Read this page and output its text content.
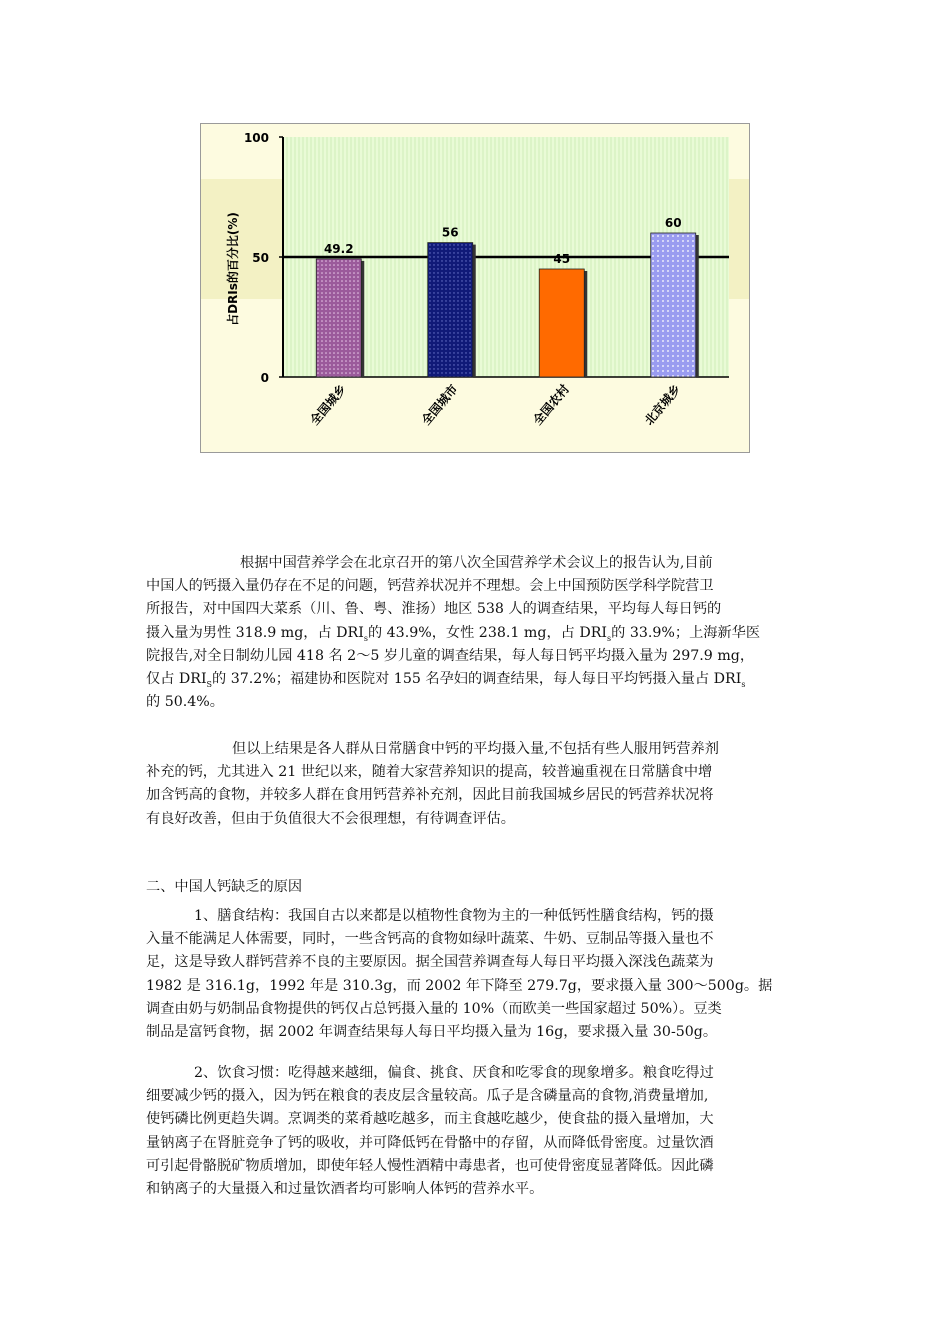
0
50
100
49.2
全国城乡
56
全国城市
45
全国农村
60
北京城乡
占DRIs的百分比(%)
根据中国营养学会在北京召开的第八次全国营养学术会议上的报告认为,目前
中国人的钙摄入量仍存在不足的问题，钙营养状况并不理想。会上中国预防医学科学院营卫
所报告，对中国四大菜系（川、鲁、粤、淮扬）地区 538 人的调查结果，平均每人每日钙的
摄入量为男性 318.9 mg，占 $DRI_s$的 43.9%，女性 238.1 mg，占 $DRI_s$的 33.9%；上海新华医
院报告,对全日制幼儿园 418 名 2～5 岁儿童的调查结果，每人每日钙平均摄入量为 297.9 mg，
仅占 $DRI_S$的 37.2%；福建协和医院对 155 名孕妇的调查结果，每人每日平均钙摄入量占 $DRI_s$
的 50.4%。
但以上结果是各人群从日常膳食中钙的平均摄入量,不包括有些人服用钙营养剂
补充的钙，尤其进入 21 世纪以来，随着大家营养知识的提高，较普遍重视在日常膳食中增
加含钙高的食物，并较多人群在食用钙营养补充剂，因此目前我国城乡居民的钙营养状况将
有良好改善，但由于负值很大不会很理想，有待调查评估。
二、中国人钙缺乏的原因
1、膳食结构：我国自古以来都是以植物性食物为主的一种低钙性膳食结构，钙的摄
入量不能满足人体需要，同时，一些含钙高的食物如绿叶蔬菜、牛奶、豆制品等摄入量也不
足，这是导致人群钙营养不良的主要原因。据全国营养调查每人每日平均摄入深浅色蔬菜为
1982 是 316.1g，1992 年是 310.3g，而 2002 年下降至 279.7g，要求摄入量 300～500g。据
调查由奶与奶制品食物提供的钙仅占总钙摄入量的 10%（而欧美一些国家超过 50%）。豆类
制品是富钙食物，据 2002 年调查结果每人每日平均摄入量为 16g，要求摄入量 30-50g。
2、饮食习惯：吃得越来越细，偏食、挑食、厌食和吃零食的现象增多。粮食吃得过
细要减少钙的摄入，因为钙在粮食的表皮层含量较高。瓜子是含磷量高的食物,消费量增加,
使钙磷比例更趋失调。烹调类的菜肴越吃越多，而主食越吃越少，使食盐的摄入量增加，大
量钠离子在肾脏竞争了钙的吸收，并可降低钙在骨骼中的存留，从而降低骨密度。过量饮酒
可引起骨骼脱矿物质增加，即使年轻人慢性酒精中毒患者，也可使骨密度显著降低。因此磷
和钠离子的大量摄入和过量饮酒者均可影响人体钙的营养水平。
